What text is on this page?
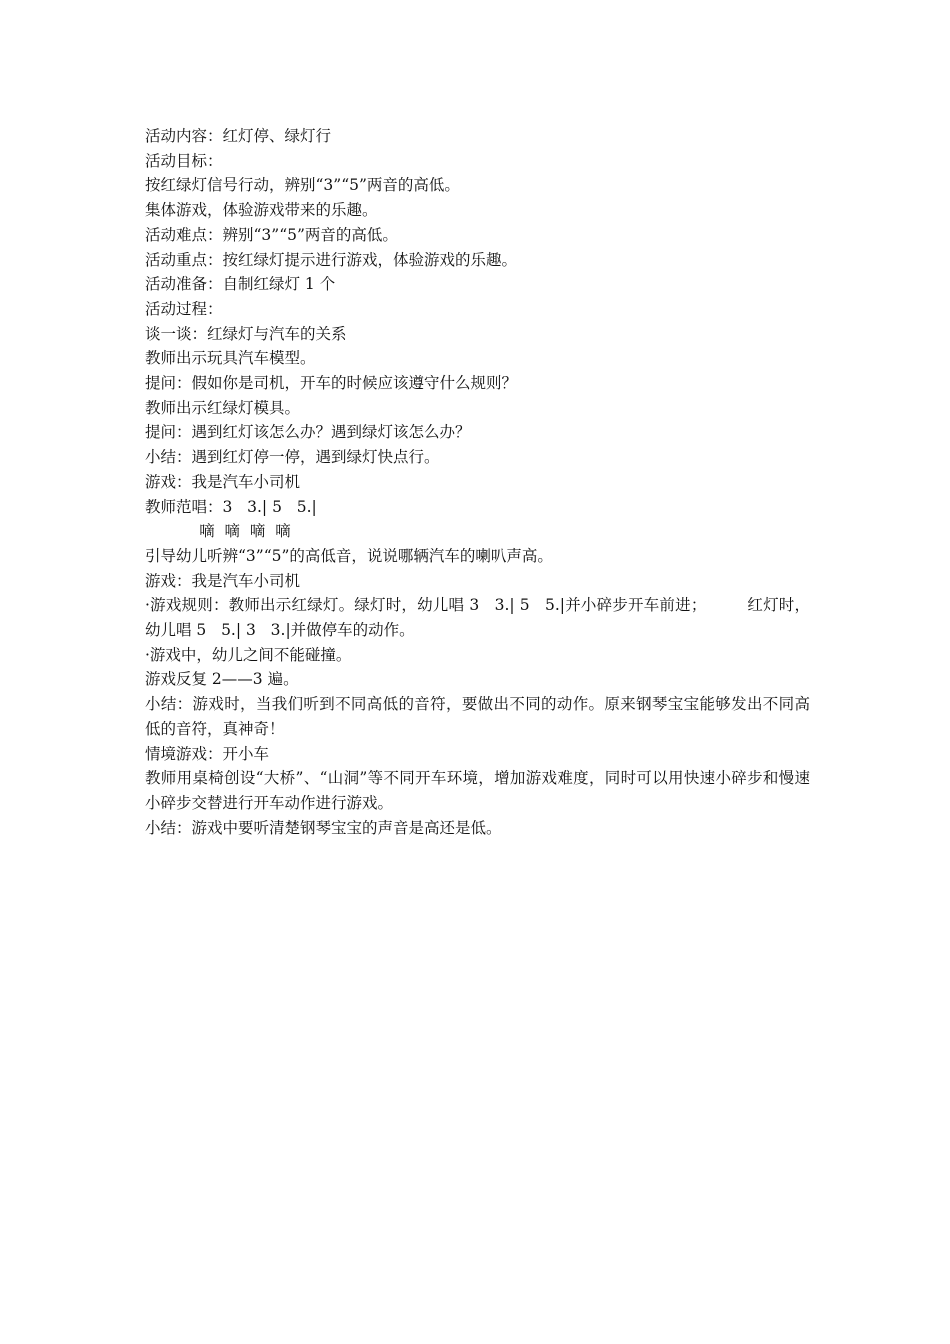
活动内容：红灯停、绿灯行

活动目标：

按红绿灯信号行动，辨别“3”“5”两音的高低。

集体游戏，体验游戏带来的乐趣。

活动难点：辨别“3”“5”两音的高低。

活动重点：按红绿灯提示进行游戏，体验游戏的乐趣。

活动准备：自制红绿灯 1 个

活动过程：

谈一谈：红绿灯与汽车的关系

教师出示玩具汽车模型。

提问：假如你是司机，开车的时候应该遵守什么规则？

教师出示红绿灯模具。

提问：遇到红灯该怎么办？遇到绿灯该怎么办？

小结：遇到红灯停一停，遇到绿灯快点行。

游戏：我是汽车小司机

教师范唱：3   3.| 5   5.|

嘀  嘀  嘀  嘀

引导幼儿听辨“3”“5”的高低音，说说哪辆汽车的喇叭声高。

游戏：我是汽车小司机

·游戏规则：教师出示红绿灯。绿灯时，幼儿唱 3   3.| 5   5.|并小碎步开车前进；        红灯时，幼儿唱 5   5.| 3   3.|并做停车的动作。

·游戏中，幼儿之间不能碰撞。

游戏反复 2——3 遍。

小结：游戏时，当我们听到不同高低的音符，要做出不同的动作。原来钢琴宝宝能够发出不同高低的音符，真神奇！

情境游戏：开小车

教师用桌椅创设“大桥”、“山洞”等不同开车环境，增加游戏难度，同时可以用快速小碎步和慢速小碎步交替进行开车动作进行游戏。

小结：游戏中要听清楚钢琴宝宝的声音是高还是低。
